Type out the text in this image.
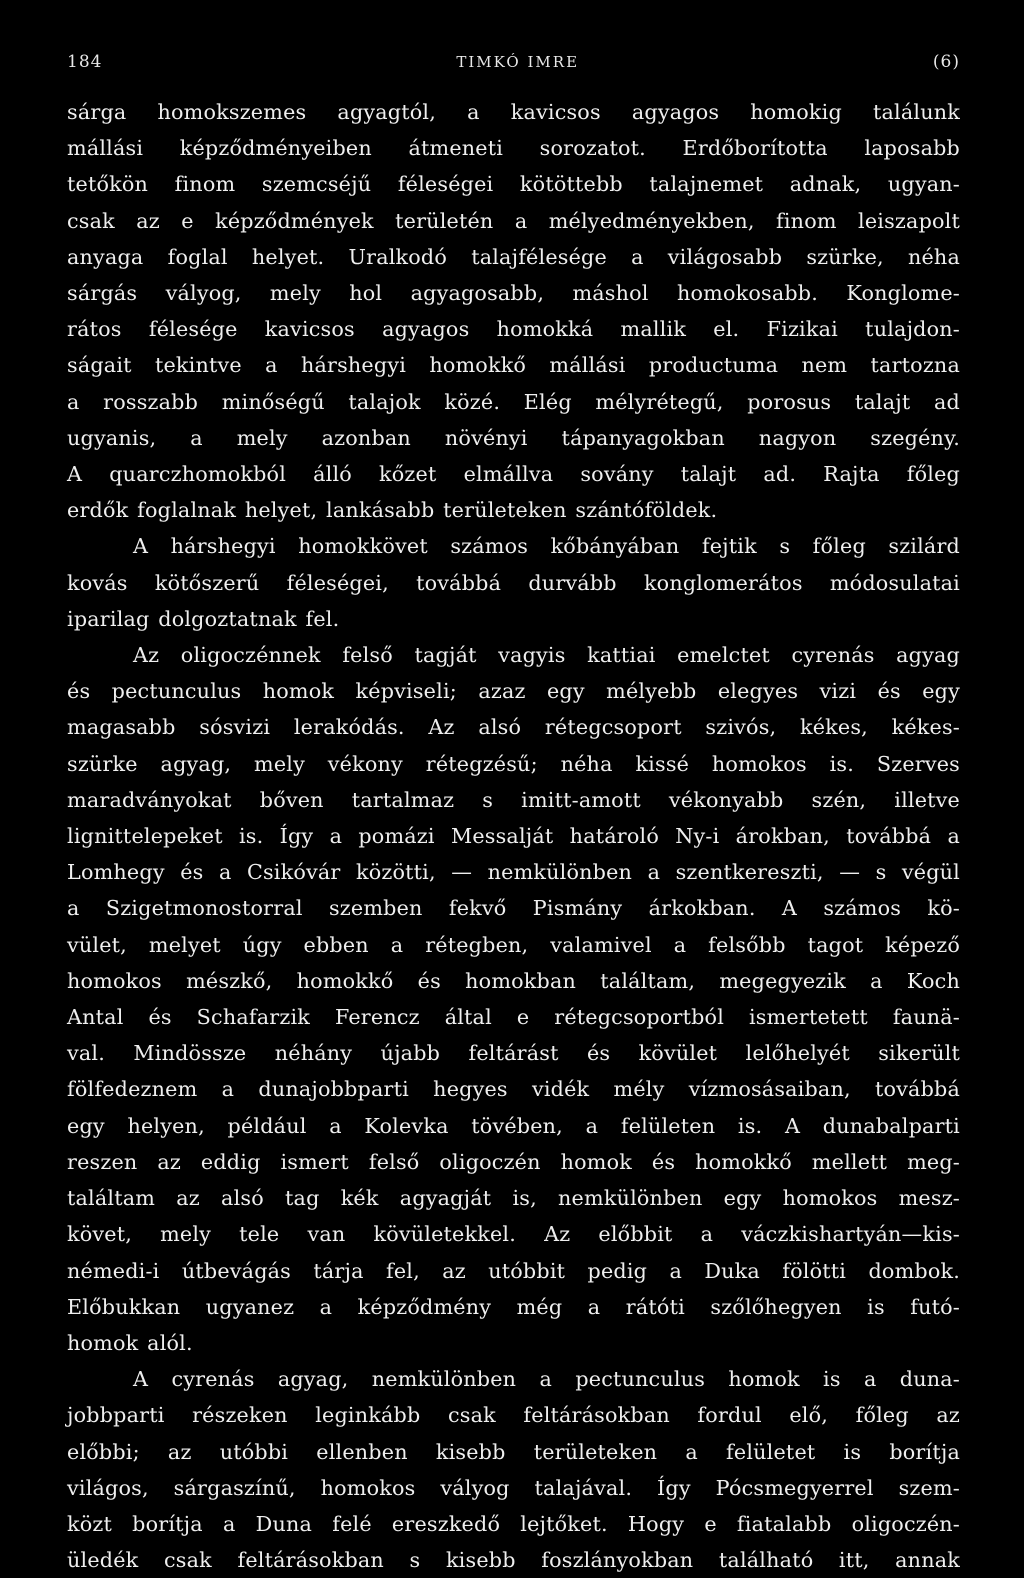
184	TIMKÓ IMRE	(6)
sárga homokszemes agyagtól, a kavicsos agyagos homokig találunk
mállási képződményeiben átmeneti sorozatot. Erdőborította laposabb
tetőkön finom szemcséjű féleségei kötöttebb talajnemet adnak, ugyan-
csak az e képződmények területén a mélyedményekben, finom leiszapolt
anyaga foglal helyet. Uralkodó talajfélesége a világosabb szürke, néha
sárgás vályog, mely hol agyagosabb, máshol homokosabb. Konglome-
rátos félesége kavicsos agyagos homokká mallik el. Fizikai tulajdon-
ságait tekintve a hárshegyi homokkő mállási productuma nem tartozna
a rosszabb minőségű talajok közé. Elég mélyrétegű, porosus talajt ad
ugyanis, a mely azonban növényi tápanyagokban nagyon szegény.
A quarczhomokból álló kőzet elmállva sovány talajt ad. Rajta főleg
erdők foglalnak helyet, lankásabb területeken szántóföldek.
A hárshegyi homokkövet számos kőbányában fejtik s főleg szilárd
kovás kötőszerű féleségei, továbbá durvább konglomerátos módosulatai
iparilag dolgoztatnak fel.
Az oligoczénnek felső tagját vagyis kattiai emelctet cyrenás agyag
és pectunculus homok képviseli; azaz egy mélyebb elegyes vizi és egy
magasabb sósvizi lerakódás. Az alsó rétegcsoport szivós, kékes, kékes-
szürke agyag, mely vékony rétegzésű; néha kissé homokos is. Szerves
maradványokat bőven tartalmaz s imitt-amott vékonyabb szén, illetve
lignittelepeket is. Így a pomázi Messalját határoló Ny-i árokban, továbbá a
Lomhegy és a Csikóvár közötti, — nemkülönben a szentkereszti, — s végül
a Szigetmonostorral szemben fekvő Pismány árkokban. A számos kö-
vület, melyet úgy ebben a rétegben, valamivel a felsőbb tagot képező
homokos mészkő, homokkő és homokban találtam, megegyezik a Koch
Antal és Schafarzik Ferencz által e rétegcsoportból ismertetett faunä-
val. Mindössze néhány újabb feltárást és kövület lelőhelyét sikerült
fölfedeznem a dunajobbparti hegyes vidék mély vízmosásaiban, továbbá
egy helyen, például a Kolevka tövében, a felületen is. A dunabalparti
reszen az eddig ismert felső oligoczén homok és homokkő mellett meg-
találtam az alsó tag kék agyagját is, nemkülönben egy homokos mesz-
követ, mely tele van kövületekkel. Az előbbit a váczkishartyán—kis-
némedi-i útbevágás tárja fel, az utóbbit pedig a Duka fölötti dombok.
Előbukkan ugyanez a képződmény még a rátóti szőlőhegyen is futó-
homok alól.
A cyrenás agyag, nemkülönben a pectunculus homok is a duna-
jobbparti részeken leginkább csak feltárásokban fordul elő, főleg az
előbbi; az utóbbi ellenben kisebb területeken a felületet is borítja
világos, sárgaszínű, homokos vályog talajával. Így Pócsmegyerrel szem-
közt borítja a Duna felé ereszkedő lejtőket. Hogy e fiatalabb oligoczén-
üledék csak feltárásokban s kisebb foszlányokban található itt, annak
